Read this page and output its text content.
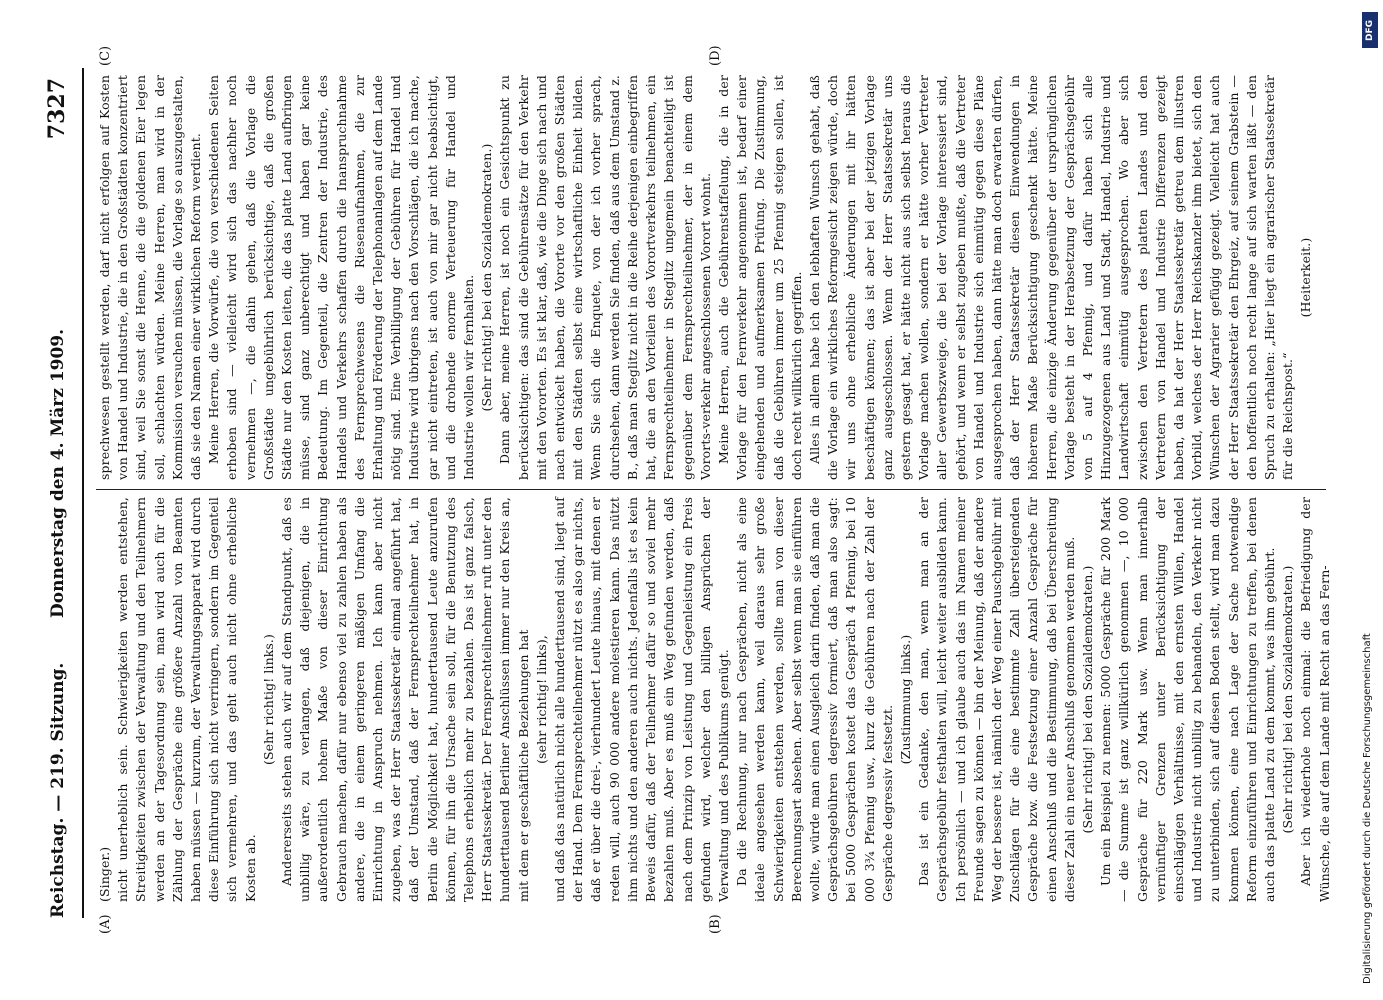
Reichstag. — 219. Sitzung.
Donnerstag den 4. März 1909.
7327
(A)	(B)
(C)	(D)

(Singer.) nicht unerheblich sein. Schwierigkeiten werden entstehen, Streitigkeiten zwischen der Verwaltung und den Teilnehmern werden an der Tagesordnung sein, man wird auch für die Zählung der Gespräche eine größere Anzahl von Beamten haben müssen — kurzum, der Verwaltungsapparat wird durch diese Einführung sich nicht verringern, sondern im Gegenteil sich vermehren, und das geht auch nicht ohne erhebliche Kosten ab.

(Sehr richtig! links.) Andererseits stehen auch wir auf dem Standpunkt, daß es unbillig wäre, zu verlangen, daß diejenigen, die in außerordentlich hohem Maße von dieser Einrichtung Gebrauch machen, dafür nur ebenso viel zu zahlen haben als andere, die in einem geringeren mäßigen Umfang die Einrichtung in Anspruch nehmen. Ich kann aber nicht zugeben, was der Herr Staatssekretär einmal angeführt hat, daß der Umstand, daß der Fernsprechteilnehmer hat, in Berlin die Möglichkeit hat, hunderttausend Leute anzurufen können, für ihn die Ursache sein soll, für die Benutzung des Telephons erheblich mehr zu bezahlen. Das ist ganz falsch, Herr Staatssekretär. Der Fernsprechteilnehmer ruft unter den hunderttausend Berliner Anschlüssen immer nur den Kreis an, mit dem er geschäftliche Beziehungen hat (sehr richtig! links), und daß das natürlich nicht alle hunderttausend sind, liegt auf der Hand. Dem Fernsprechteilnehmer nützt es also gar nichts, daß er über die drei-, vierhundert Leute hinaus, mit denen er reden will, auch 90 000 andere molestieren kann. Das nützt ihm nichts und den anderen auch nichts. Jedenfalls ist es kein Beweis dafür, daß der Teilnehmer dafür so und soviel mehr bezahlen muß. Aber es muß ein Weg gefunden werden, daß nach dem Prinzip von Leistung und Gegenleistung ein Preis gefunden wird, welcher den billigen Ansprüchen der Verwaltung und des Publikums genügt. Da die Rechnung, nur nach Gesprächen, nicht als eine ideale angesehen werden kann, weil daraus sehr große Schwierigkeiten entstehen werden, sollte man von dieser Berechnungsart absehen. Aber selbst wenn man sie einführen wollte, würde man einen Ausgleich darin finden, daß man die Gesprächsgebühren degressiv formiert, daß man also sagt: bei 5000 Gesprächen kostet das Gespräch 4 Pfennig, bei 10 000 3¾ Pfennig usw., kurz die Gebühren nach der Zahl der Gespräche degressiv festsetzt.

(Zustimmung links.) Das ist ein Gedanke, den man, wenn man an der Gesprächsgebühr festhalten will, leicht weiter ausbilden kann. Ich persönlich — und ich glaube auch das im Namen meiner Freunde sagen zu können — bin der Meinung, daß der andere Weg der bessere ist, nämlich der Weg einer Pauschgebühr mit Zuschlägen für die eine bestimmte Zahl übersteigenden Gespräche bzw. die Festsetzung einer Anzahl Gespräche für einen Anschluß und die Bestimmung, daß bei Überschreitung dieser Zahl ein neuer Anschluß genommen werden muß. (Sehr richtig! bei den Sozialdemokraten.) Um ein Beispiel zu nennen: 5000 Gespräche für 200 Mark — die Summe ist ganz willkürlich genommen —, 10 000 Gespräche für 220 Mark usw. Wenn man innerhalb vernünftiger Grenzen unter Berücksichtigung der einschlägigen Verhältnisse, mit den ernsten Willen, Handel und Industrie nicht unbillig zu behandeln, den Verkehr nicht zu unterbinden, sich auf diesen Boden stellt, wird man dazu kommen können, eine nach Lage der Sache notwendige Reform einzuführen und Einrichtungen zu treffen, bei denen auch das platte Land zu dem kommt, was ihm gebührt. (Sehr richtig! bei den Sozialdemokraten.) Aber ich wiederhole noch einmal: die Befriedigung der Wünsche, die auf dem Lande mit Recht an das Fern-

sprechwesen gestellt werden, darf nicht erfolgen auf Kosten von Handel und Industrie, die in den Großstädten konzentriert sind, weil Sie sonst die Henne, die die goldenen Eier legen soll, schlachten würden. Meine Herren, man wird in der Kommission versuchen müssen, die Vorlage so auszugestalten, daß sie den Namen einer wirklichen Reform verdient. Meine Herren, die Vorwürfe, die von verschiedenen Seiten erhoben sind — vielleicht wird sich das nachher noch vernehmen —, die dahin gehen, daß die Vorlage die Großstädte ungebührlich berücksichtige, daß die großen Städte nur den Kosten leiten, die das platte Land aufbringen müsse, sind ganz unberechtigt und haben gar keine Bedeutung. Im Gegenteil, die Zentren der Industrie, des Handels und Verkehrs schaffen durch die Inanspruchnahme des Fernsprechwesens die Riesenaufnahmen, die zur Erhaltung und Förderung der Telephonanlagen auf dem Lande nötig sind. Eine Verbilligung der Gebühren für Handel und Industrie wird übrigens nach den Vorschlägen, die ich mache, gar nicht eintreten, ist auch von mir gar nicht beabsichtigt, und die drohende enorme Verteuerung für Handel und Industrie wollen wir fernhalten. (Sehr richtig! bei den Sozialdemokraten.) Dann aber, meine Herren, ist noch ein Gesichtspunkt zu berücksichtigen: das sind die Gebührensätze für den Verkehr mit den Vororten. Es ist klar, daß, wie die Dinge sich nach und nach entwickelt haben, die Vororte vor den großen Städten mit den Städten selbst eine wirtschaftliche Einheit bilden. Wenn Sie sich die Enquete, von der ich vorher sprach, durchsehen, dann werden Sie finden, daß aus dem Umstand z. B., daß man Steglitz nicht in die Reihe derjenigen einbegriffen hat, die an den Vorteilen des Vorortverkehrs teilnehmen, ein Fernsprechteilnehmer in Steglitz ungemein benachteiligt ist gegenüber dem Fernsprechteilnehmer, der in einem dem Vororts-verkehr angeschlossenen Vorort wohnt. Meine Herren, auch die Gebührenstaffelung, die in der Vorlage für den Fernverkehr angenommen ist, bedarf einer eingehenden und aufmerksamen Prüfung. Die Zustimmung, daß die Gebühren immer um 25 Pfennig steigen sollen, ist doch recht willkürlich gegriffen. Alles in allem habe ich den lebhaften Wunsch gehabt, daß die Vorlage ein wirkliches Reformgesicht zeigen würde, doch wir uns ohne erhebliche Änderungen mit ihr hätten beschäftigen können; das ist aber bei der jetzigen Vorlage ganz ausgeschlossen. Wenn der Herr Staatssekretär uns gestern gesagt hat, er hätte nicht aus sich selbst heraus die Vorlage machen wollen, sondern er hätte vorher Vertreter aller Gewerbszweige, die bei der Vorlage interessiert sind, gehört, und wenn er selbst zugeben mußte, daß die Vertreter von Handel und Industrie sich einmütig gegen diese Pläne ausgesprochen haben, dann hätte man doch erwarten dürfen, daß der Herr Staatssekretär diesen Einwendungen in höherem Maße Berücksichtigung geschenkt hätte. Meine Herren, die einzige Änderung gegenüber der ursprünglichen Vorlage besteht in der Herabsetzung der Gesprächsgebühr von 5 auf 4 Pfennig, und dafür haben sich alle Hinzugezogenen aus Land und Stadt, Handel, Industrie und Landwirtschaft einmütig ausgesprochen. Wo aber sich zwischen den Vertretern des platten Landes und den Vertretern von Handel und Industrie Differenzen gezeigt haben, da hat der Herr Staatssekretär getreu dem illustren Vorbild, welches der Herr Reichskanzler ihm bietet, sich den Wünschen der Agrarier gefügig gezeigt. Vielleicht hat auch der Herr Staatssekretär den Ehrgeiz, auf seinem Grabstein — den hoffentlich noch recht lange auf sich warten läßt — den Spruch zu erhalten: „Hier liegt ein agrarischer Staatssekretär für die Reichspost.“

(Heiterkeit.)

DFG
Digitalisierung gefördert durch die Deutsche Forschungsgemeinschaft
